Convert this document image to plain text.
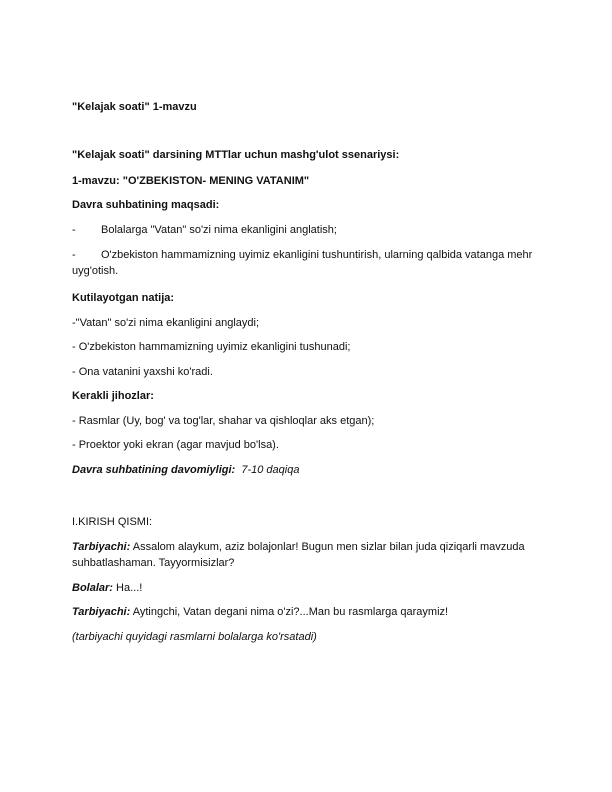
"Kelajak soati" 1-mavzu
"Kelajak soati" darsining MTTlar uchun mashg'ulot ssenariysi:
1-mavzu: "O'ZBEKISTON- MENING VATANIM"
Davra suhbatining maqsadi:
- Bolalarga "Vatan" so'zi nima ekanligini anglatish;
- O'zbekiston hammamizning uyimiz ekanligini tushuntirish, ularning qalbida vatanga mehr
uyg'otish.
Kutilayotgan natija:
-"Vatan" so'zi nima ekanligini anglaydi;
- O'zbekiston hammamizning uyimiz ekanligini tushunadi;
- Ona vatanini yaxshi ko'radi.
Kerakli jihozlar:
- Rasmlar (Uy, bog' va tog'lar, shahar va qishloqlar aks etgan);
- Proektor yoki ekran (agar mavjud bo'lsa).
Davra suhbatining davomiyligi: 7-10 daqiqa
I.KIRISH QISMI:
Tarbiyachi: Assalom alaykum, aziz bolajonlar! Bugun men sizlar bilan juda qiziqarli mavzuda
suhbatlashaman. Tayyormisizlar?
Bolalar: Ha...!
Tarbiyachi: Aytingchi, Vatan degani nima o'zi?...Man bu rasmlarga qaraymiz!
(tarbiyachi quyidagi rasmlarni bolalarga ko'rsatadi)
